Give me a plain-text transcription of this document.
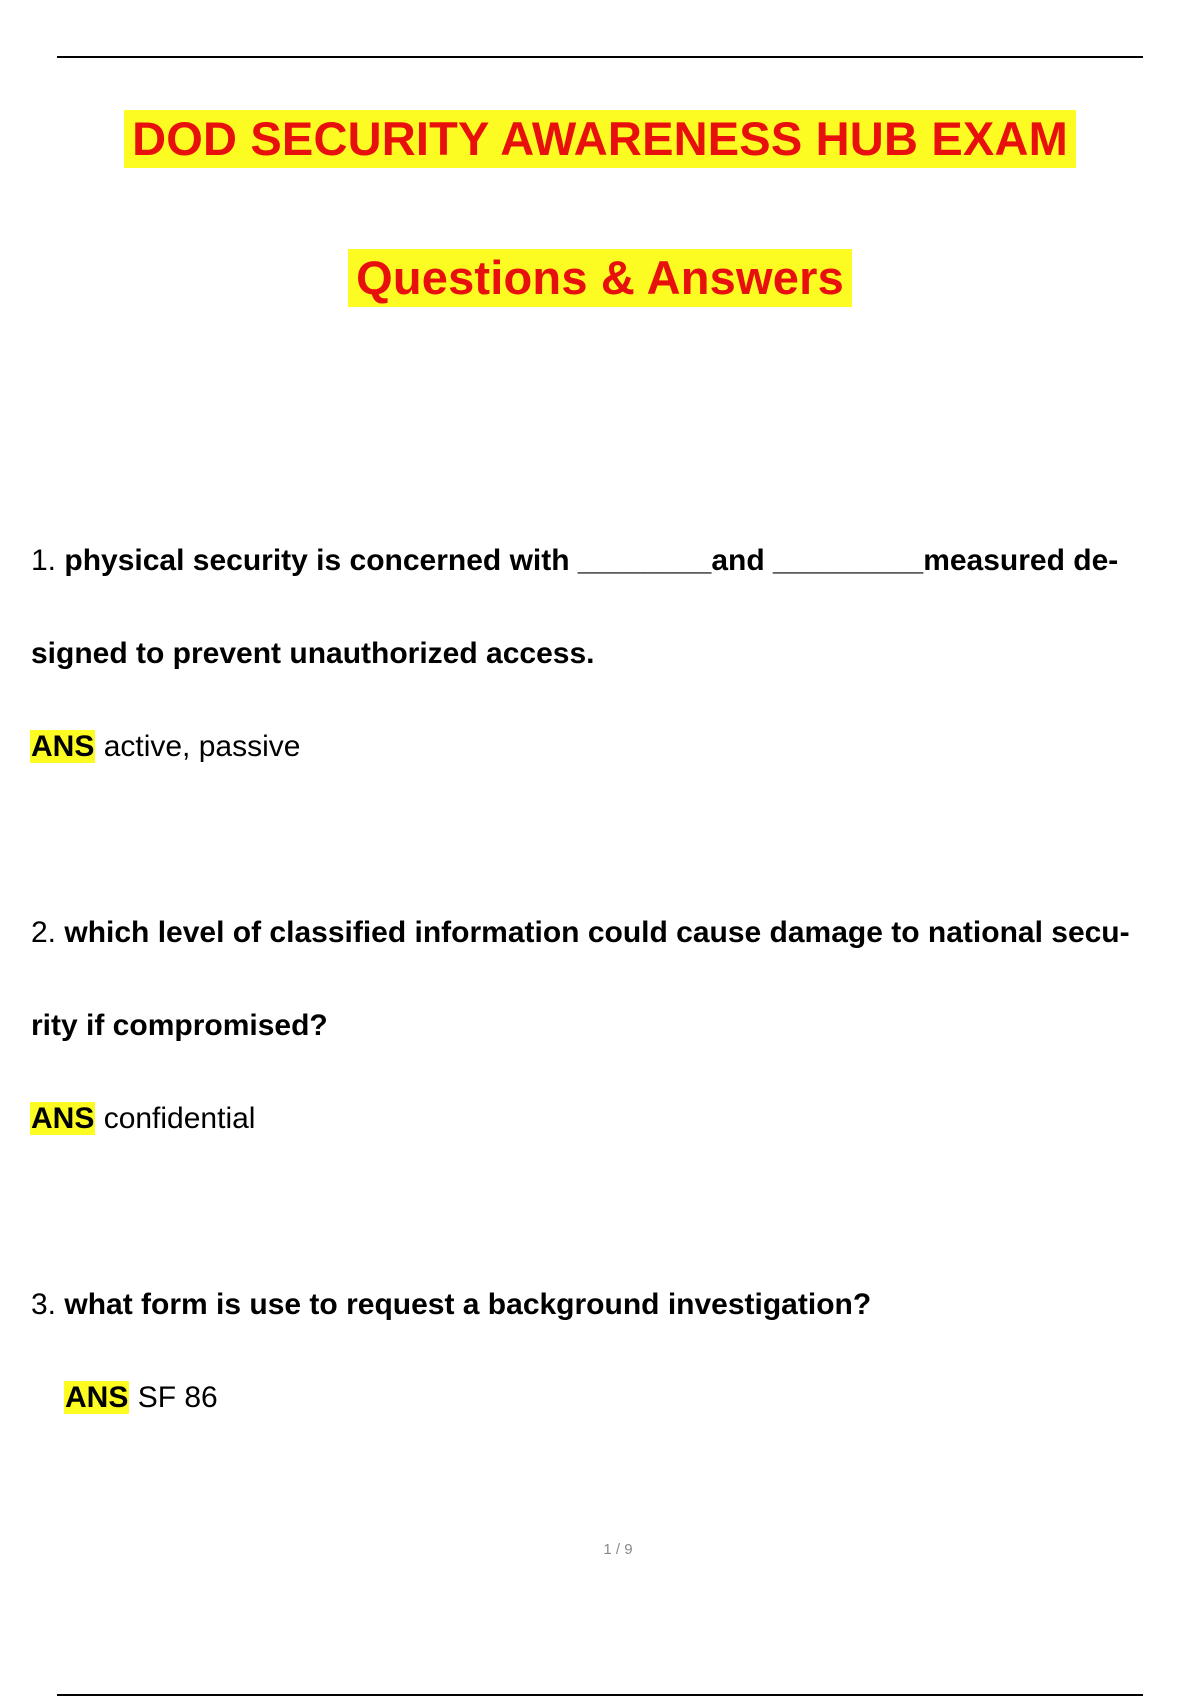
DOD SECURITY AWARENESS HUB EXAM
Questions & Answers
1. physical security is concerned with ________and _________measured de-
signed to prevent unauthorized access.
ANS active, passive
2. which level of classified information could cause damage to national secu-
rity if compromised?
ANS confidential
3. what form is use to request a background investigation?
ANS SF 86
1 / 9
